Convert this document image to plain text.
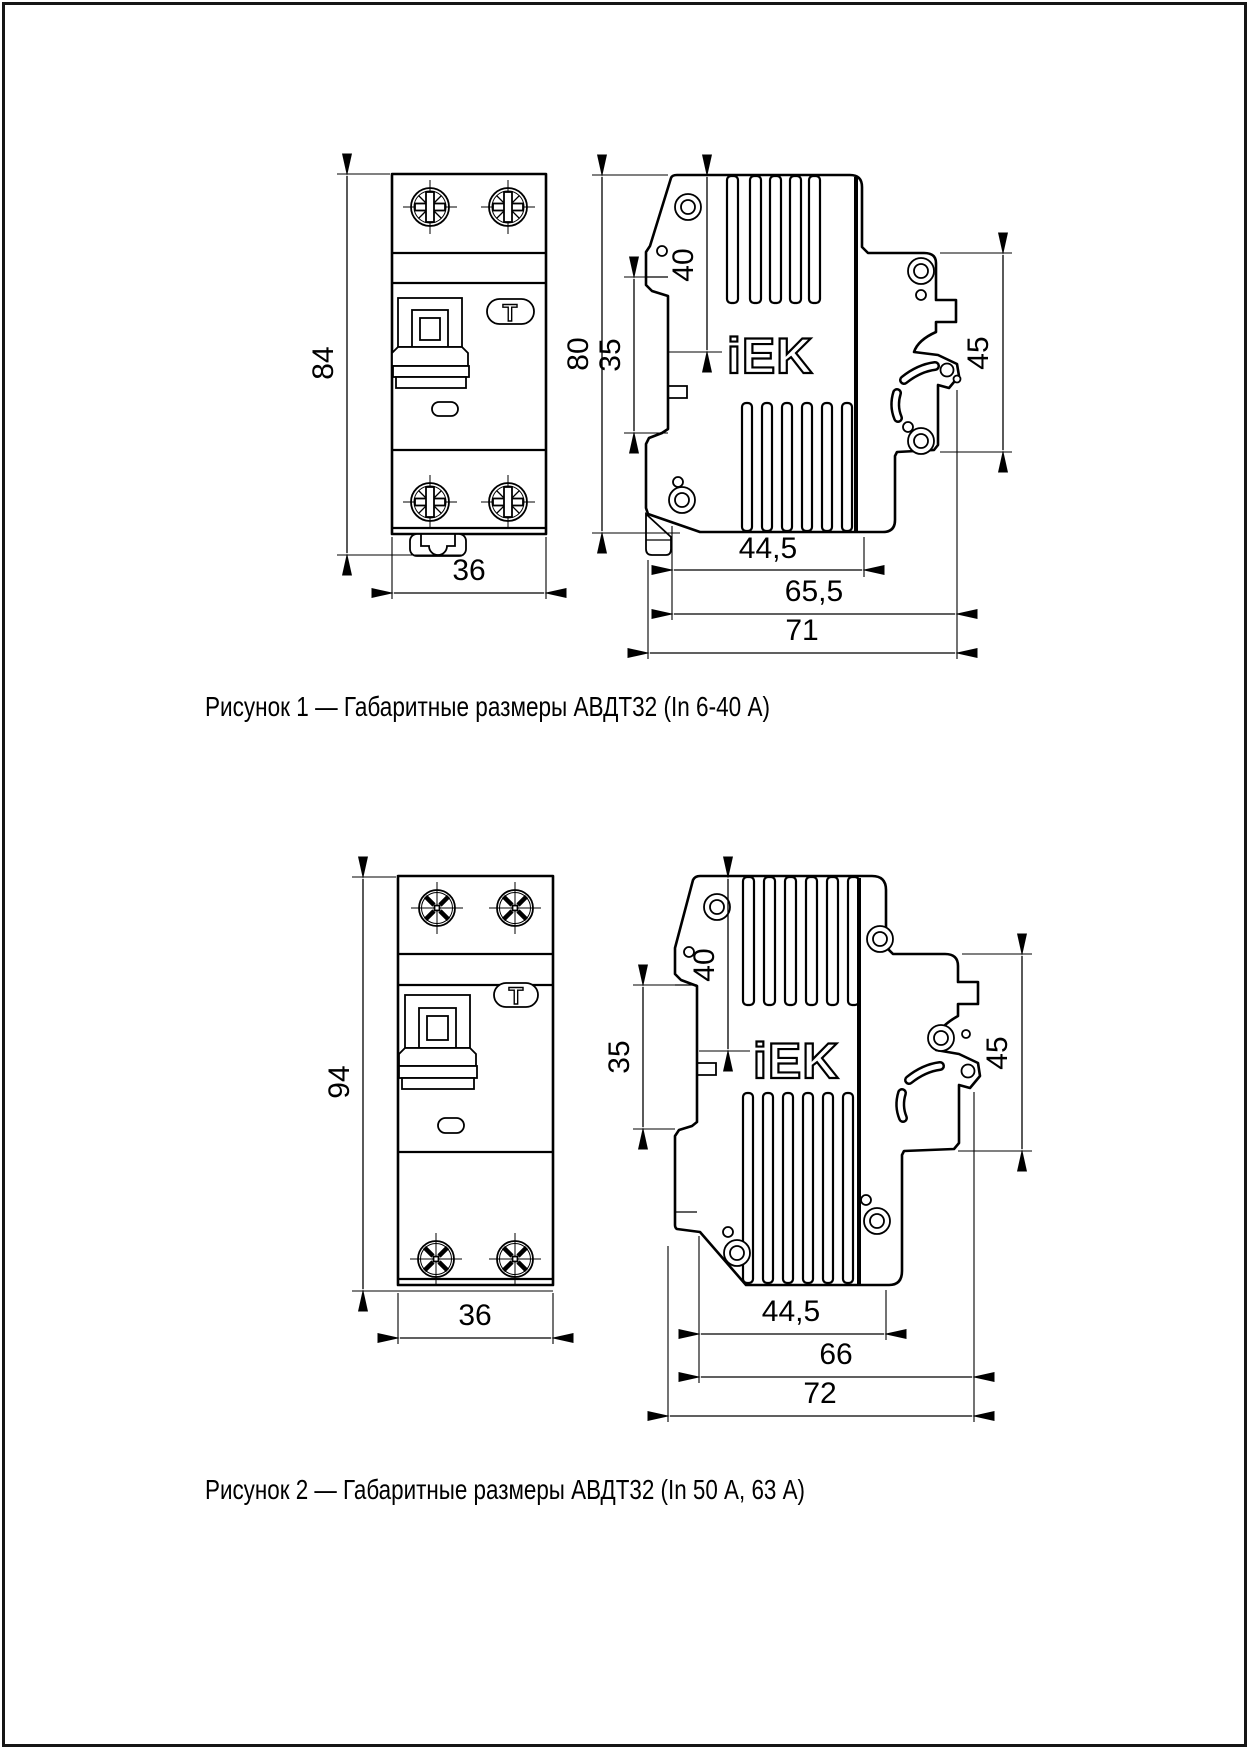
Т
84
36
iEK
80
40
35	45
44,5
65,5
71
Рисунок 1 — Габаритные размеры АВДТ32 (In 6-40 А)
Т
94
36
iEK
40
35	45
44,5
66
72
Рисунок 2 — Габаритные размеры АВДТ32 (In 50 А, 63 А)
